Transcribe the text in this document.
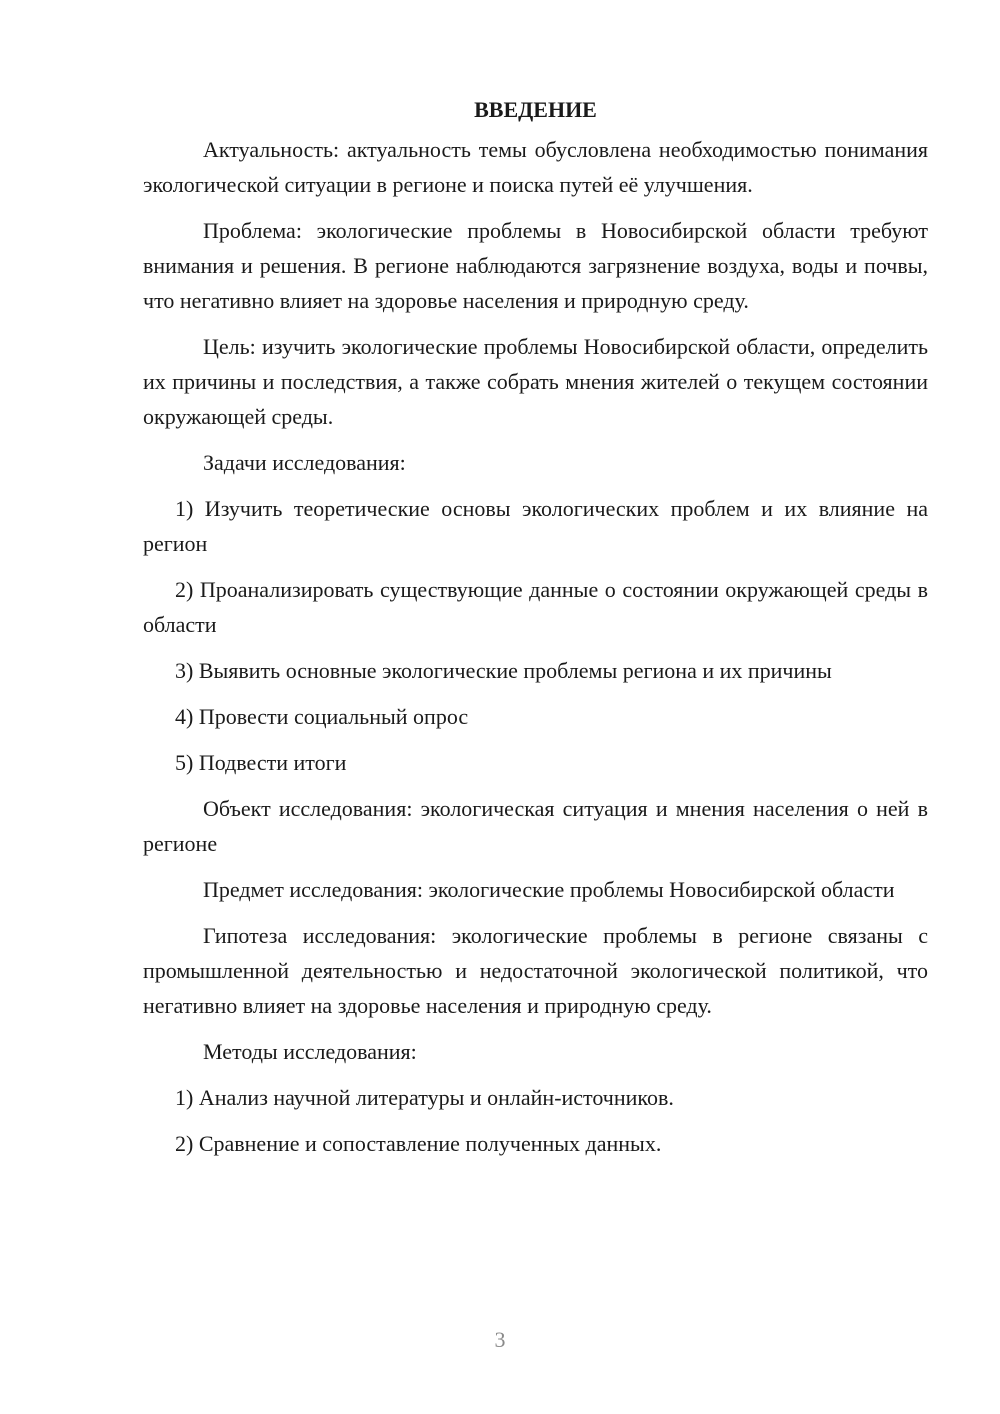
ВВЕДЕНИЕ

Актуальность: актуальность темы обусловлена необходимостью понимания экологической ситуации в регионе и поиска путей её улучшения.

Проблема: экологические проблемы в Новосибирской области требуют внимания и решения. В регионе наблюдаются загрязнение воздуха, воды и почвы, что негативно влияет на здоровье населения и природную среду.

Цель: изучить экологические проблемы Новосибирской области, определить их причины и последствия, а также собрать мнения жителей о текущем состоянии окружающей среды.

Задачи исследования:

1) Изучить теоретические основы экологических проблем и их влияние на регион

2) Проанализировать существующие данные о состоянии окружающей среды в области

3) Выявить основные экологические проблемы региона и их причины

4) Провести социальный опрос

5) Подвести итоги

Объект исследования: экологическая ситуация и мнения населения о ней в регионе

Предмет исследования: экологические проблемы Новосибирской области

Гипотеза исследования: экологические проблемы в регионе связаны с промышленной деятельностью и недостаточной экологической политикой, что негативно влияет на здоровье населения и природную среду.

Методы исследования:

1) Анализ научной литературы и онлайн-источников.

2) Сравнение и сопоставление полученных данных.

3
